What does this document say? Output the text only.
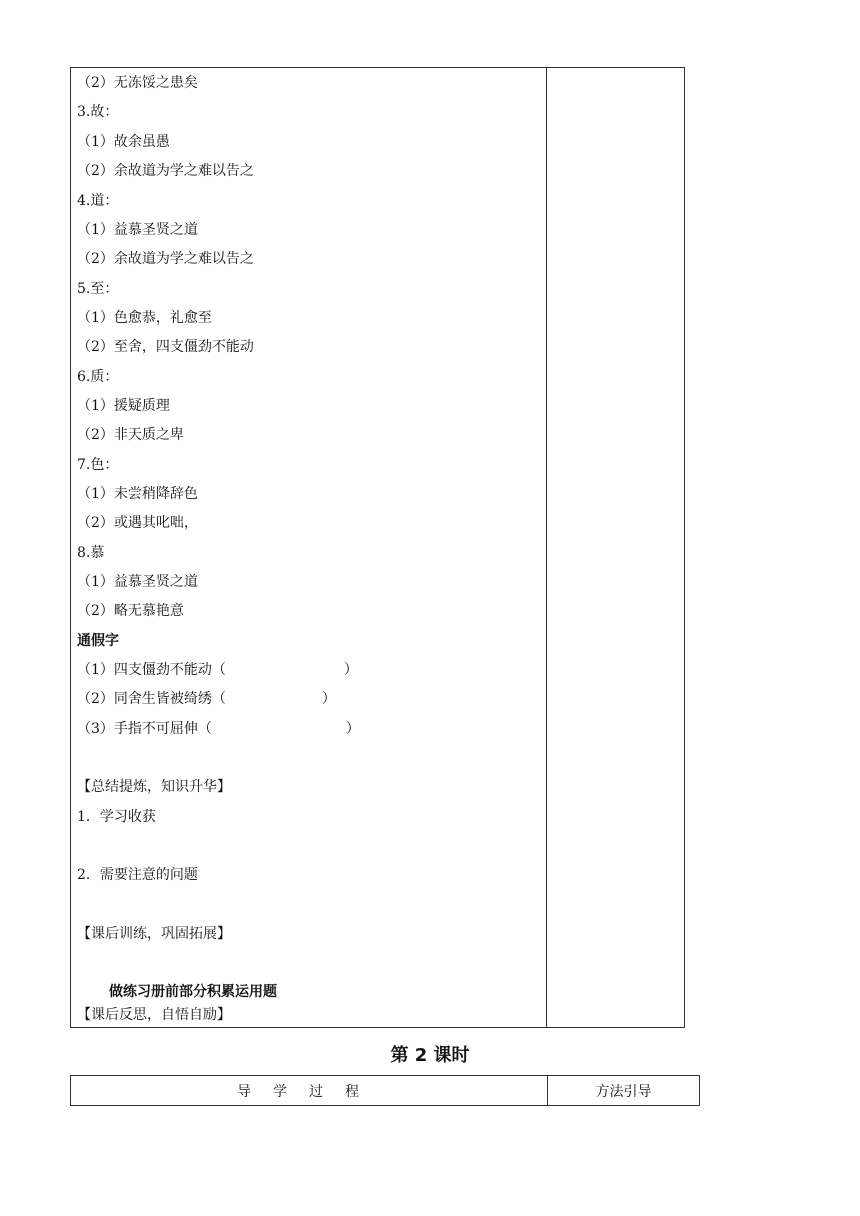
（2）无冻馁之患矣
3.故：
（1）故余虽愚
（2）余故道为学之难以告之
4.道：
（1）益慕圣贤之道
（2）余故道为学之难以告之
5.至：
（1）色愈恭，礼愈至
（2）至舍，四支僵劲不能动
6.质：
（1）援疑质理
（2）非天质之卑
7.色：
（1）未尝稍降辞色
（2）或遇其叱咄，
8.慕
（1）益慕圣贤之道
（2）略无慕艳意
通假字
（1）四支僵劲不能动（	）
（2）同舍生皆被绮绣（	）
（3）手指不可屈伸（	）
【总结提炼，知识升华】
1．学习收获
2．需要注意的问题
【课后训练，巩固拓展】
做练习册前部分积累运用题
【课后反思，自悟自励】
第 2 课时
导学过程	方法引导
